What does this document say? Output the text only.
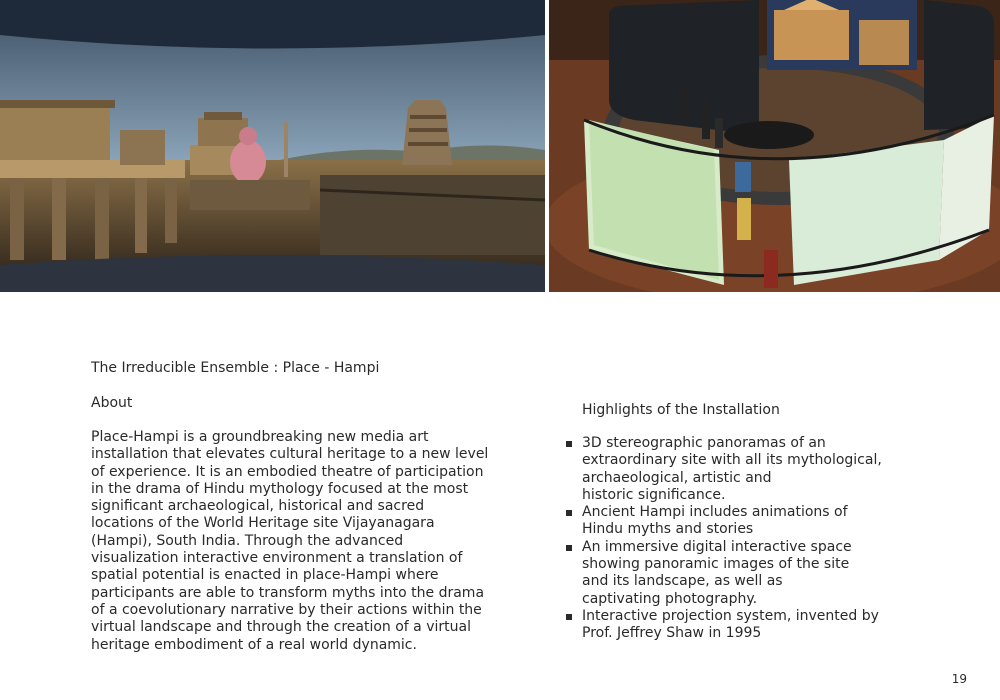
The Irreducible Ensemble : Place - Hampi
About

Place-Hampi is a groundbreaking new media art
installation that elevates cultural heritage to a new level
of experience. It is an embodied theatre of participation
in the drama of Hindu mythology focused at the most
significant archaeological, historical and sacred
locations of the World Heritage site Vijayanagara
(Hampi), South India. Through the advanced
visualization interactive environment a translation of
spatial potential is enacted in place-Hampi where
participants are able to transform myths into the drama
of a coevolutionary narrative by their actions within the
virtual landscape and through the creation of a virtual
heritage embodiment of a real world dynamic.

Highlights of the Installation
3D stereographic panoramas of an
extraordinary site with all its mythological,
archaeological, artistic and
historic significance.
Ancient Hampi includes animations of
Hindu myths and stories
An immersive digital interactive space
showing panoramic images of the site
and its landscape, as well as
captivating photography.
Interactive projection system, invented by
Prof. Jeffrey Shaw in 1995
19
